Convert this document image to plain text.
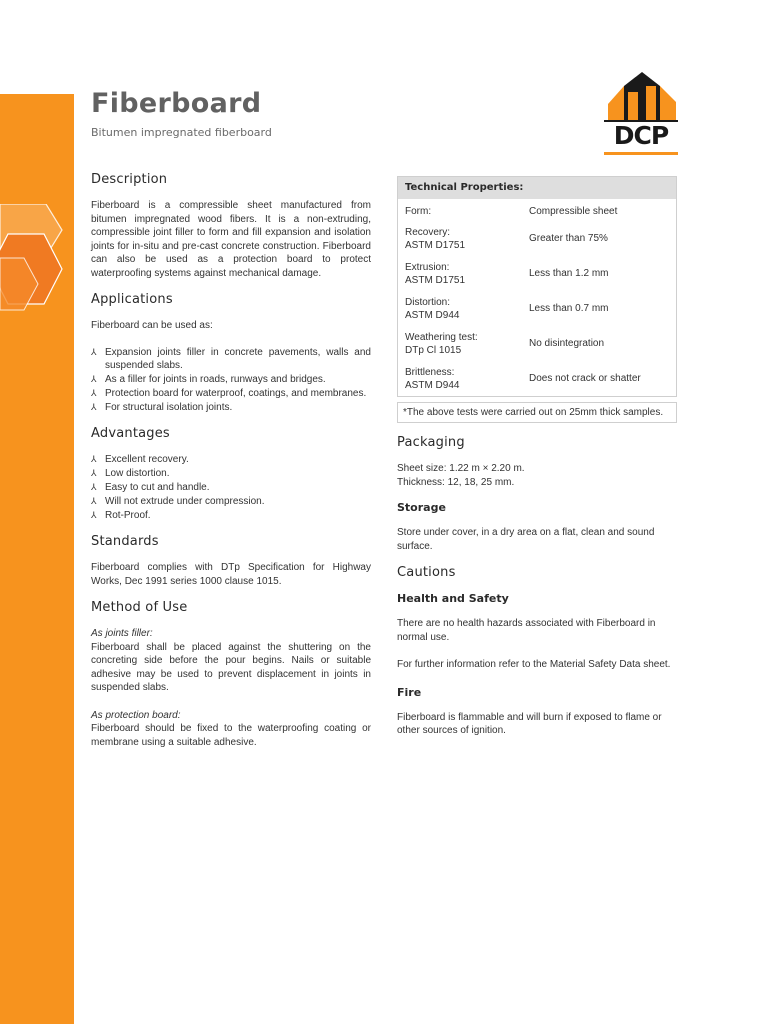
Fiberboard
Bitumen impregnated fiberboard	DCP
Description

Fiberboard is a compressible sheet manufactured from bitumen impregnated wood fibers. It is a non-extruding, compressible joint filler to form and fill expansion and isolation joints for in-situ and pre-cast concrete construction. Fiberboard can also be used as a protection board to protect waterproofing systems against mechanical damage.

Applications

Fiberboard can be used as:

⅄ Expansion joints filler in concrete pavements, walls and suspended slabs.
⅄ As a filler for joints in roads, runways and bridges.
⅄ Protection board for waterproof, coatings, and membranes.
⅄ For structural isolation joints.
Advantages
⅄ Excellent recovery.
⅄ Low distortion.
⅄ Easy to cut and handle.
⅄ Will not extrude under compression.
⅄ Rot-Proof.
Standards

Fiberboard complies with DTp Specification for Highway Works, Dec 1991 series 1000 clause 1015.

Method of Use

As joints filler:

Fiberboard shall be placed against the shuttering on the concreting side before the pour begins. Nails or suitable adhesive may be used to prevent displacement in joints in suspended slabs.

As protection board:

Fiberboard should be fixed to the waterproofing coating or membrane using a suitable adhesive.

Technical Properties:
Form:	Compressible sheet
Recovery:
ASTM D1751
Greater than 75%
Extrusion:
ASTM D1751
Less than 1.2 mm
Distortion:
ASTM D944
Less than 0.7 mm
Weathering test:
DTp Cl 1015
No disintegration
Brittleness:
ASTM D944
Does not crack or shatter
*The above tests were carried out on 25mm thick samples.
Packaging

Sheet size: 1.22 m × 2.20 m.

Thickness: 12, 18, 25 mm.

Storage

Store under cover, in a dry area on a flat, clean and sound surface.

Cautions
Health and Safety

There are no health hazards associated with Fiberboard in normal use.

For further information refer to the Material Safety Data sheet.

Fire

Fiberboard is flammable and will burn if exposed to flame or other sources of ignition.
